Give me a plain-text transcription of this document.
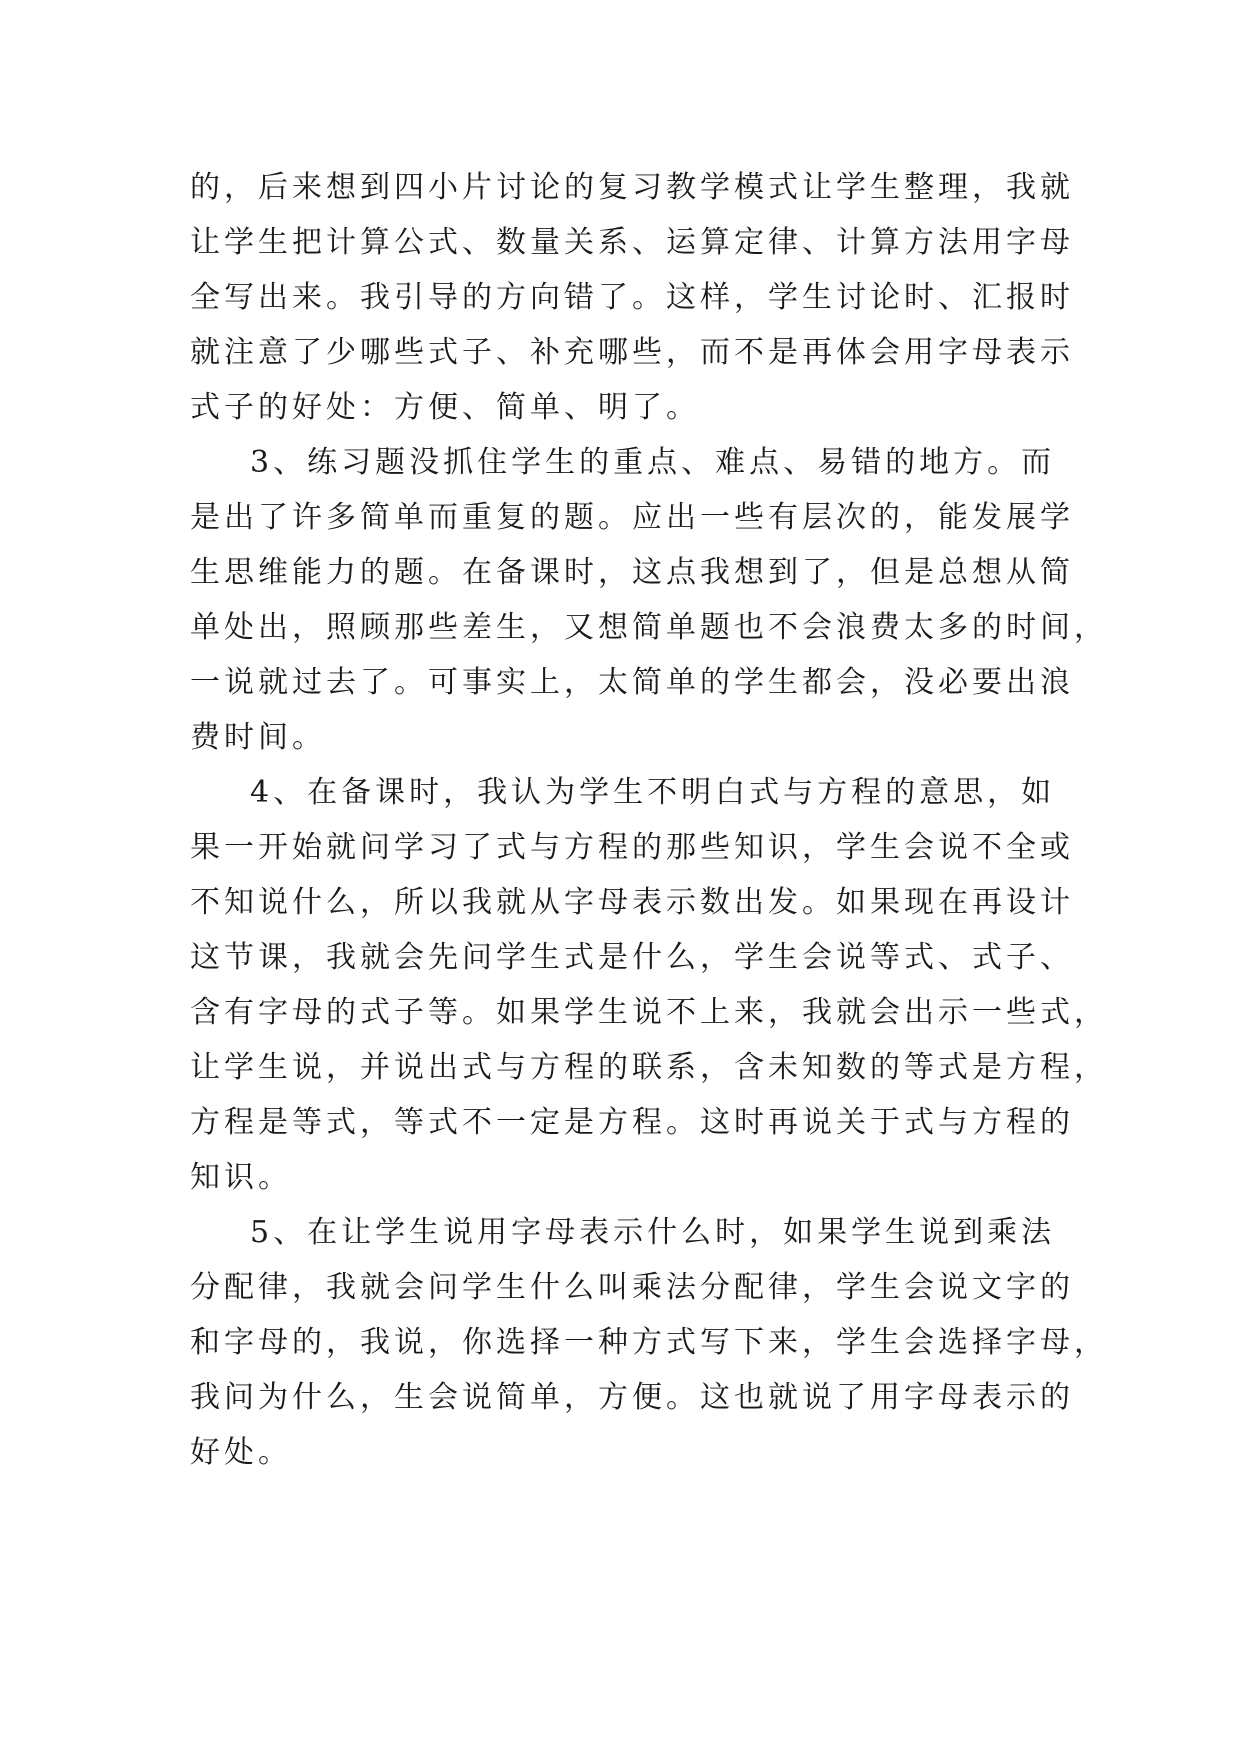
的，后来想到四小片讨论的复习教学模式让学生整理，我就
让学生把计算公式、数量关系、运算定律、计算方法用字母
全写出来。我引导的方向错了。这样，学生讨论时、汇报时
就注意了少哪些式子、补充哪些，而不是再体会用字母表示
式子的好处：方便、简单、明了。
3、练习题没抓住学生的重点、难点、易错的地方。而
是出了许多简单而重复的题。应出一些有层次的，能发展学
生思维能力的题。在备课时，这点我想到了，但是总想从简
单处出，照顾那些差生，又想简单题也不会浪费太多的时间，
一说就过去了。可事实上，太简单的学生都会，没必要出浪
费时间。
4、在备课时，我认为学生不明白式与方程的意思，如
果一开始就问学习了式与方程的那些知识，学生会说不全或
不知说什么，所以我就从字母表示数出发。如果现在再设计
这节课，我就会先问学生式是什么，学生会说等式、式子、
含有字母的式子等。如果学生说不上来，我就会出示一些式，
让学生说，并说出式与方程的联系，含未知数的等式是方程，
方程是等式，等式不一定是方程。这时再说关于式与方程的
知识。
5、在让学生说用字母表示什么时，如果学生说到乘法
分配律，我就会问学生什么叫乘法分配律，学生会说文字的
和字母的，我说，你选择一种方式写下来，学生会选择字母，
我问为什么，生会说简单，方便。这也就说了用字母表示的
好处。
